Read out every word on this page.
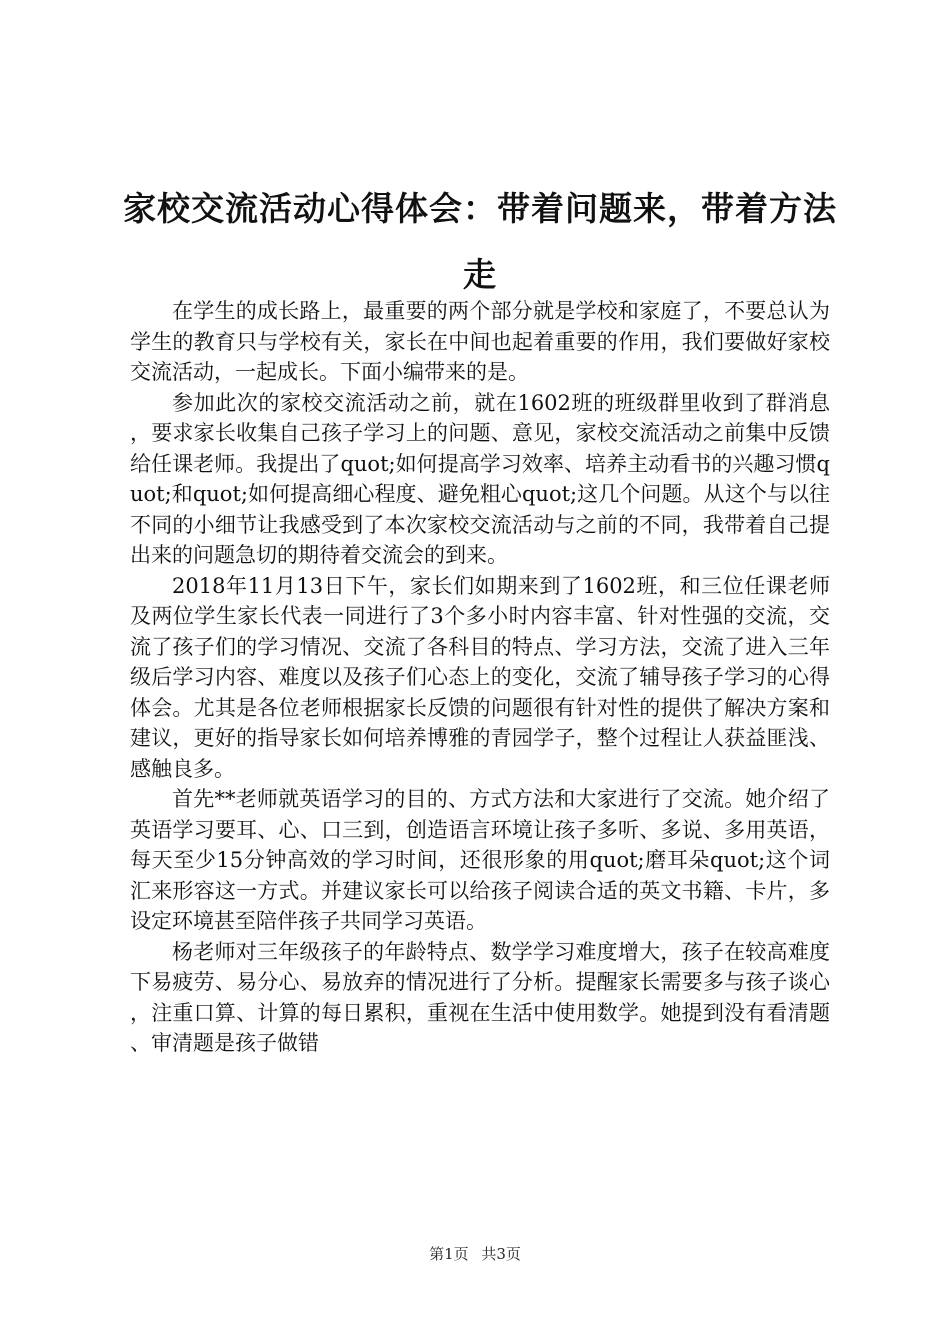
家校交流活动心得体会：带着问题来，带着方法走

在学生的成长路上，最重要的两个部分就是学校和家庭了，不要总认为学生的教育只与学校有关，家长在中间也起着重要的作用，我们要做好家校交流活动，一起成长。下面小编带来的是。

参加此次的家校交流活动之前，就在1602班的班级群里收到了群消息，要求家长收集自己孩子学习上的问题、意见，家校交流活动之前集中反馈给任课老师。我提出了quot;如何提高学习效率、培养主动看书的兴趣习惯quot;和quot;如何提高细心程度、避免粗心quot;这几个问题。从这个与以往不同的小细节让我感受到了本次家校交流活动与之前的不同，我带着自己提出来的问题急切的期待着交流会的到来。

2018年11月13日下午，家长们如期来到了1602班，和三位任课老师及两位学生家长代表一同进行了3个多小时内容丰富、针对性强的交流，交流了孩子们的学习情况、交流了各科目的特点、学习方法，交流了进入三年级后学习内容、难度以及孩子们心态上的变化，交流了辅导孩子学习的心得体会。尤其是各位老师根据家长反馈的问题很有针对性的提供了解决方案和建议，更好的指导家长如何培养博雅的青园学子，整个过程让人获益匪浅、感触良多。

首先**老师就英语学习的目的、方式方法和大家进行了交流。她介绍了英语学习要耳、心、口三到，创造语言环境让孩子多听、多说、多用英语，每天至少15分钟高效的学习时间，还很形象的用quot;磨耳朵quot;这个词汇来形容这一方式。并建议家长可以给孩子阅读合适的英文书籍、卡片，多设定环境甚至陪伴孩子共同学习英语。

杨老师对三年级孩子的年龄特点、数学学习难度增大，孩子在较高难度下易疲劳、易分心、易放弃的情况进行了分析。提醒家长需要多与孩子谈心，注重口算、计算的每日累积，重视在生活中使用数学。她提到没有看清题、审清题是孩子做错

第1页 共3页
